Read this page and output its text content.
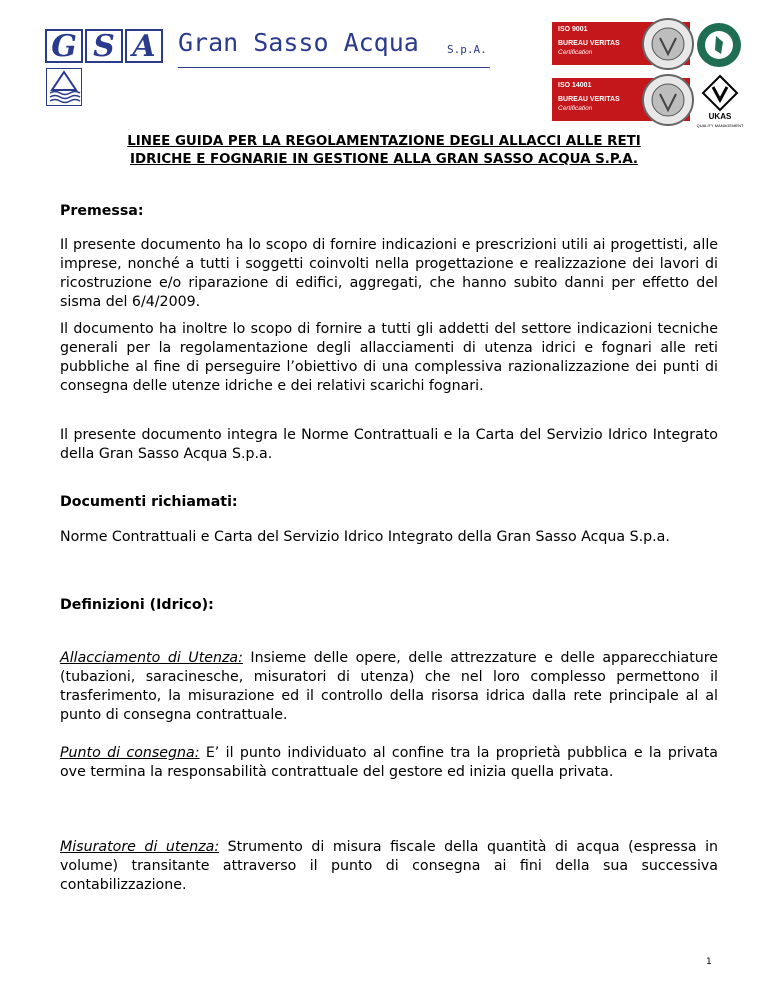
G S A Gran Sasso Acqua	S.p.A.
ISO 9001
BUREAU VERITAS
Certification
ISO 14001
BUREAU VERITAS
Certification
UKAS
QUALITY MANAGEMENT
LINEE GUIDA PER LA REGOLAMENTAZIONE DEGLI ALLACCI ALLE RETI
IDRICHE E FOGNARIE IN GESTIONE ALLA GRAN SASSO ACQUA S.P.A.
Premessa:
Il presente documento ha lo scopo di fornire indicazioni e prescrizioni utili ai progettisti, alle imprese, nonché a tutti i soggetti coinvolti nella progettazione e realizzazione dei lavori di ricostruzione e/o riparazione di edifici, aggregati, che hanno subito danni per effetto del sisma del 6/4/2009.
Il documento ha inoltre lo scopo di fornire a tutti gli addetti del settore indicazioni tecniche generali per la regolamentazione degli allacciamenti di utenza idrici e fognari alle reti pubbliche al fine di perseguire l’obiettivo di una complessiva razionalizzazione dei punti di consegna delle utenze idriche e dei relativi scarichi fognari.
Il presente documento integra le Norme Contrattuali e la Carta del Servizio Idrico Integrato della Gran Sasso Acqua S.p.a.
Documenti richiamati:
Norme Contrattuali e Carta del Servizio Idrico Integrato della Gran Sasso Acqua S.p.a.
Definizioni (Idrico):
Allacciamento di Utenza: Insieme delle opere, delle attrezzature e delle apparecchiature (tubazioni, saracinesche, misuratori di utenza) che nel loro complesso permettono il trasferimento, la misurazione ed il controllo della risorsa idrica dalla rete principale al al punto di consegna contrattuale.
Punto di consegna: E’ il punto individuato al confine tra la proprietà pubblica e la privata ove termina la responsabilità contrattuale del gestore ed inizia quella privata.
Misuratore di utenza: Strumento di misura fiscale della quantità di acqua (espressa in volume) transitante attraverso il punto di consegna ai fini della sua successiva contabilizzazione.
1
